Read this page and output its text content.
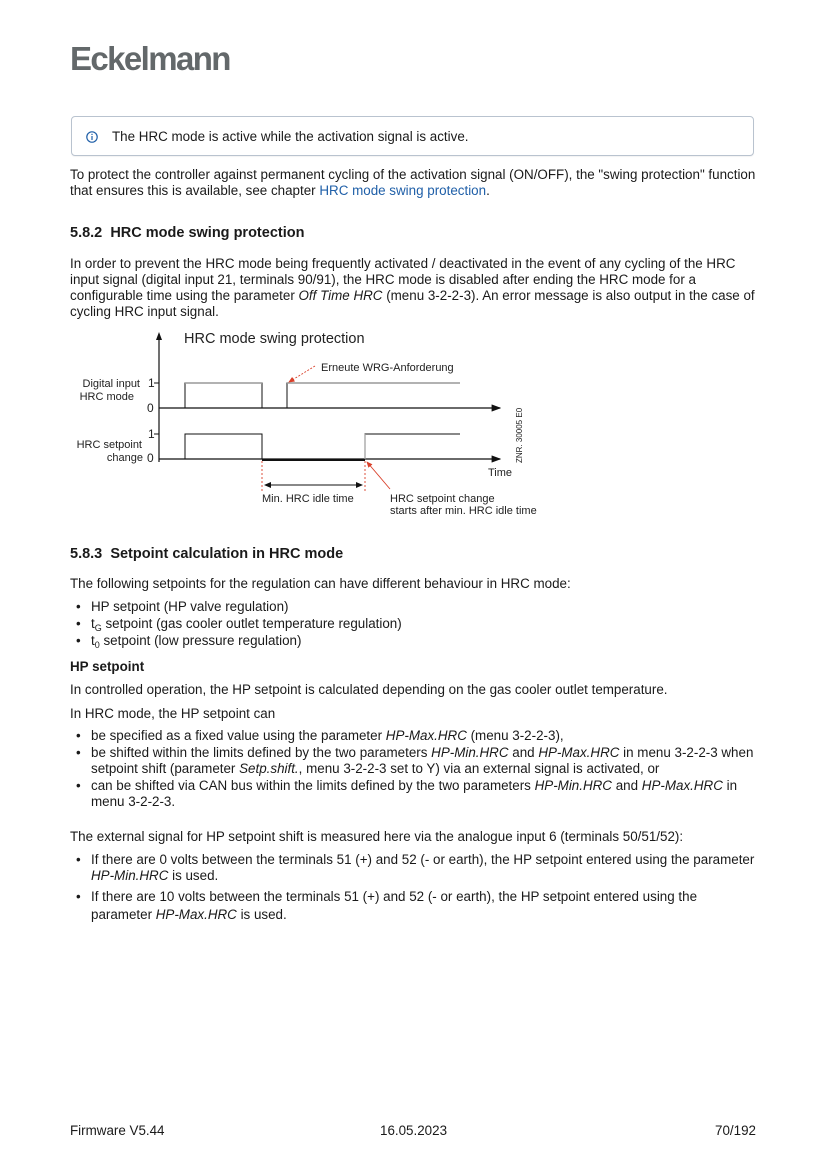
Eckelmann
The HRC mode is active while the activation signal is active.
To protect the controller against permanent cycling of the activation signal (ON/OFF), the "swing protection" function that ensures this is available, see chapter HRC mode swing protection.
5.8.2 HRC mode swing protection
In order to prevent the HRC mode being frequently activated / deactivated in the event of any cycling of the HRC input signal (digital input 21, terminals 90/91), the HRC mode is disabled after ending the HRC mode for a configurable time using the parameter Off Time HRC (menu 3-2-2-3). An error message is also output in the case of cycling HRC input signal.
HRC mode swing protection
Digital input
HRC mode
1
0
HRC setpoint
change
1
0
Erneute WRG-Anforderung
Time
ZNR. 30005 E0
Min. HRC idle time	HRC setpoint change
starts after min. HRC idle time
5.8.3 Setpoint calculation in HRC mode
The following setpoints for the regulation can have different behaviour in HRC mode:
• HP setpoint (HP valve regulation)
• $t_G$ setpoint (gas cooler outlet temperature regulation)
• $t_0$ setpoint (low pressure regulation)
HP setpoint
In controlled operation, the HP setpoint is calculated depending on the gas cooler outlet temperature.
In HRC mode, the HP setpoint can
• be specified as a fixed value using the parameter HP-Max.HRC (menu 3-2-2-3),
• be shifted within the limits defined by the two parameters HP-Min.HRC and HP-Max.HRC in menu 3-2-2-3 when setpoint shift (parameter Setp.shift., menu 3-2-2-3 set to Y) via an external signal is activated, or
• can be shifted via CAN bus within the limits defined by the two parameters HP-Min.HRC and HP-Max.HRC in menu 3-2-2-3.
The external signal for HP setpoint shift is measured here via the analogue input 6 (terminals 50/51/52):
• If there are 0 volts between the terminals 51 (+) and 52 (- or earth), the HP setpoint entered using the parameter HP-Min.HRC is used.
• If there are 10 volts between the terminals 51 (+) and 52 (- or earth), the HP setpoint entered using the parameter HP-Max.HRC is used.
Firmware V5.44	16.05.2023	70/192
